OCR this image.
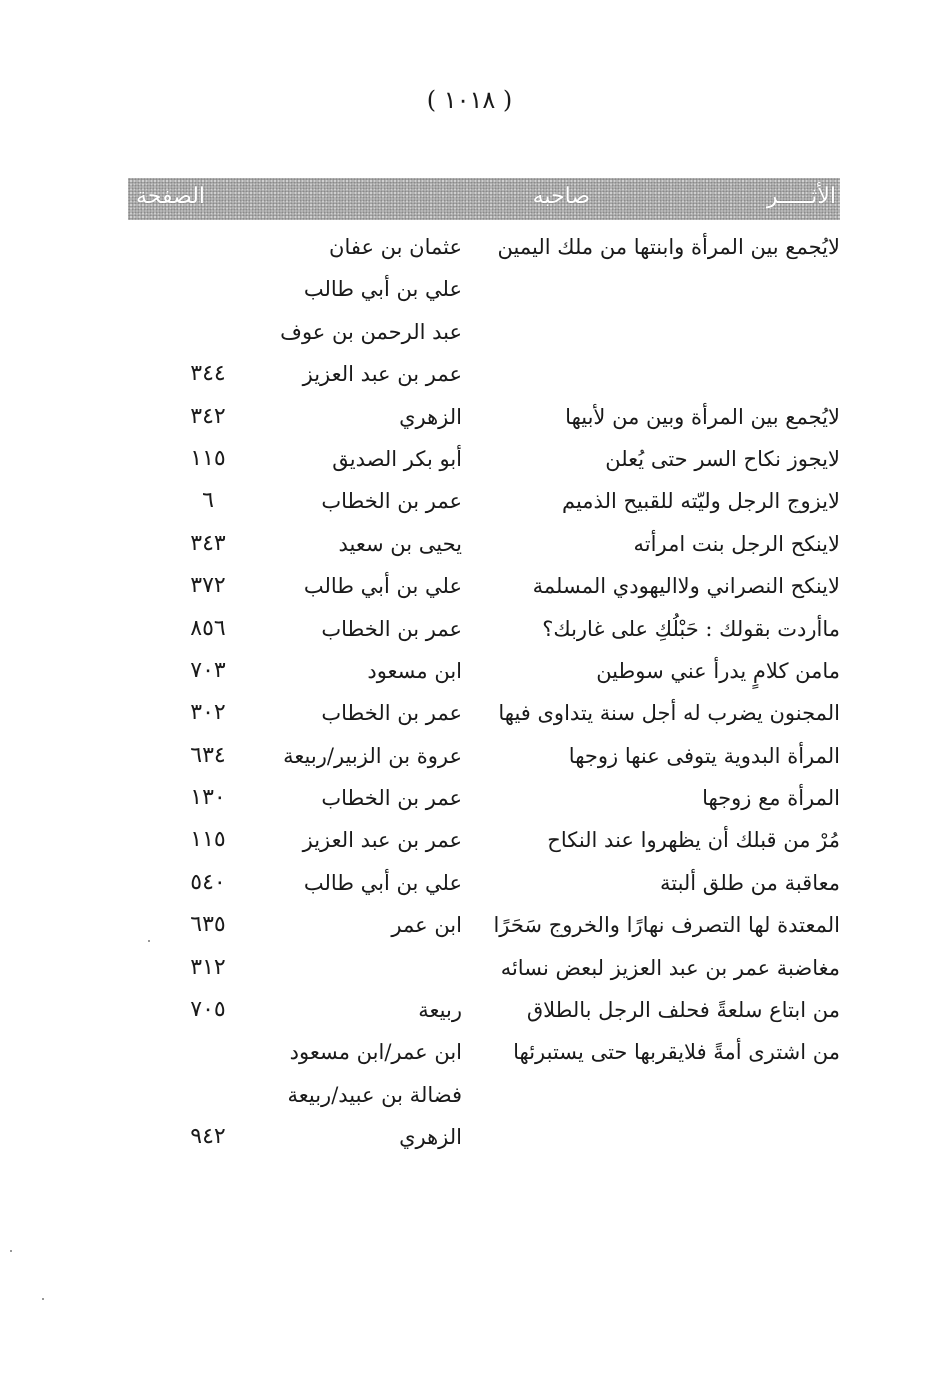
( ١٠١٨ )
الأثـــــر
صاحبه
الصفحة
لايُجمع بين المرأة وابنتها من ملك اليمين
عثمان بن عفان
علي بن أبي طالب
عبد الرحمن بن عوف
عمر بن عبد العزيز
٣٤٤
لايُجمع بين المرأة وبين من لأبيها
الزهري
٣٤٢
لايجوز نكاح السر حتى يُعلن
أبو بكر الصديق
١١٥
لايزوج الرجل وليّته للقبيح الذميم
عمر بن الخطاب
٦
لاينكح الرجل بنت امرأته
يحيى بن سعيد
٣٤٣
لاينكح النصراني ولااليهودي المسلمة
علي بن أبي طالب
٣٧٢
ماأردت بقولك : حَبْلُكِ على غاربك؟
عمر بن الخطاب
٨٥٦
مامن كلامٍ يدرأ عني سوطين
ابن مسعود
٧٠٣
المجنون يضرب له أجل سنة يتداوى فيها
عمر بن الخطاب
٣٠٢
المرأة البدوية يتوفى عنها زوجها
عروة بن الزبير/ربيعة
٦٣٤
المرأة مع زوجها
عمر بن الخطاب
١٣٠
مُرْ من قبلك أن يظهروا عند النكاح
عمر بن عبد العزيز
١١٥
معاقبة من طلق ألبتة
علي بن أبي طالب
٥٤٠
المعتدة لها التصرف نهارًا والخروج سَحَرًا
ابن عمر
٦٣٥
مغاضبة عمر بن عبد العزيز لبعض نسائه
٣١٢
من ابتاع سلعةً فحلف الرجل بالطلاق
ربيعة
٧٠٥
من اشترى أمةً فلايقربها حتى يستبرئها
ابن عمر/ابن مسعود
فضالة بن عبيد/ربيعة
الزهري
٩٤٢
